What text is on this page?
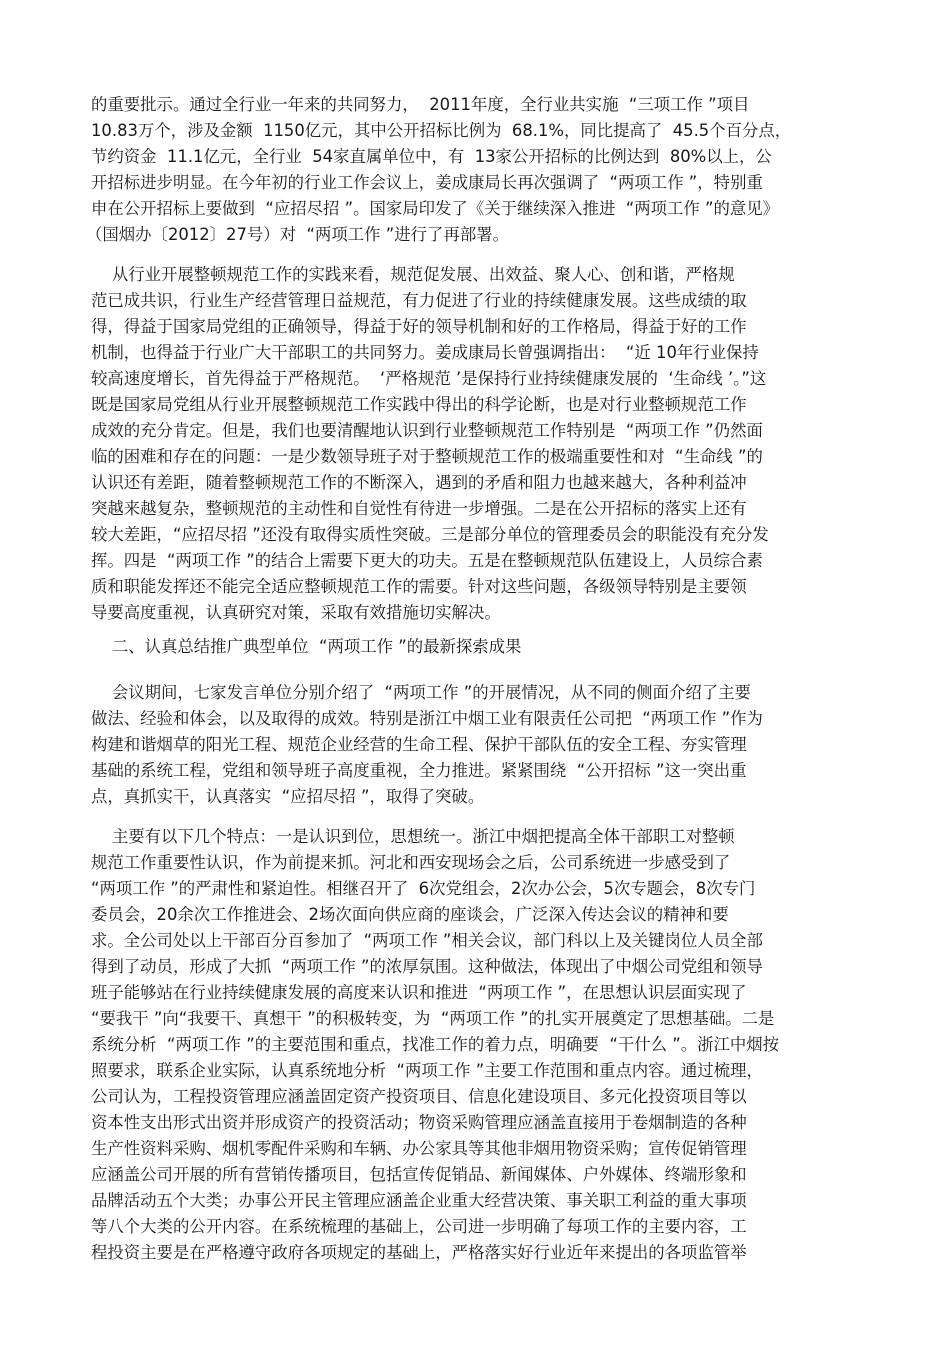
的重要批示。通过全行业一年来的共同努力，  2011年度，全行业共实施  “三项工作 ”项目
10.83万个，涉及金额  1150亿元，其中公开招标比例为  68.1%，同比提高了  45.5个百分点，
节约资金  11.1亿元，全行业  54家直属单位中，有  13家公开招标的比例达到  80%以上，公
开招标进步明显。在今年初的行业工作会议上，姜成康局长再次强调了  “两项工作 ”，特别重
申在公开招标上要做到  “应招尽招 ”。国家局印发了《关于继续深入推进  “两项工作 ”的意见》
（国烟办〔2012〕27号）对  “两项工作 ”进行了再部署。
从行业开展整顿规范工作的实践来看，规范促发展、出效益、聚人心、创和谐，严格规
范已成共识，行业生产经营管理日益规范，有力促进了行业的持续健康发展。这些成绩的取
得，得益于国家局党组的正确领导，得益于好的领导机制和好的工作格局，得益于好的工作
机制，也得益于行业广大干部职工的共同努力。姜成康局长曾强调指出：  “近 10年行业保持
较高速度增长，首先得益于严格规范。  ‘严格规范 ’是保持行业持续健康发展的  ‘生命线 ’。”这
既是国家局党组从行业开展整顿规范工作实践中得出的科学论断，也是对行业整顿规范工作
成效的充分肯定。但是，我们也要清醒地认识到行业整顿规范工作特别是  “两项工作 ”仍然面
临的困难和存在的问题：一是少数领导班子对于整顿规范工作的极端重要性和对  “生命线 ”的
认识还有差距，随着整顿规范工作的不断深入，遇到的矛盾和阻力也越来越大，各种利益冲
突越来越复杂，整顿规范的主动性和自觉性有待进一步增强。二是在公开招标的落实上还有
较大差距，“应招尽招 ”还没有取得实质性突破。三是部分单位的管理委员会的职能没有充分发
挥。四是  “两项工作 ”的结合上需要下更大的功夫。五是在整顿规范队伍建设上，人员综合素
质和职能发挥还不能完全适应整顿规范工作的需要。针对这些问题，各级领导特别是主要领
导要高度重视，认真研究对策，采取有效措施切实解决。
二、认真总结推广典型单位  “两项工作 ”的最新探索成果
会议期间，七家发言单位分别介绍了  “两项工作 ”的开展情况，从不同的侧面介绍了主要
做法、经验和体会，以及取得的成效。特别是浙江中烟工业有限责任公司把  “两项工作 ”作为
构建和谐烟草的阳光工程、规范企业经营的生命工程、保护干部队伍的安全工程、夯实管理
基础的系统工程，党组和领导班子高度重视，全力推进。紧紧围绕  “公开招标 ”这一突出重
点，真抓实干，认真落实  “应招尽招 ”，取得了突破。
主要有以下几个特点：一是认识到位，思想统一。浙江中烟把提高全体干部职工对整顿
规范工作重要性认识，作为前提来抓。河北和西安现场会之后，公司系统进一步感受到了
“两项工作 ”的严肃性和紧迫性。相继召开了  6次党组会，2次办公会，5次专题会，8次专门
委员会，20余次工作推进会、2场次面向供应商的座谈会，广泛深入传达会议的精神和要
求。全公司处以上干部百分百参加了  “两项工作 ”相关会议，部门科以上及关键岗位人员全部
得到了动员，形成了大抓  “两项工作 ”的浓厚氛围。这种做法，体现出了中烟公司党组和领导
班子能够站在行业持续健康发展的高度来认识和推进  “两项工作 ”，在思想认识层面实现了
“要我干 ”向“我要干、真想干 ”的积极转变，为  “两项工作 ”的扎实开展奠定了思想基础。二是
系统分析  “两项工作 ”的主要范围和重点，找准工作的着力点，明确要  “干什么 ”。浙江中烟按
照要求，联系企业实际，认真系统地分析  “两项工作 ”主要工作范围和重点内容。通过梳理，
公司认为，工程投资管理应涵盖固定资产投资项目、信息化建设项目、多元化投资项目等以
资本性支出形式出资并形成资产的投资活动；物资采购管理应涵盖直接用于卷烟制造的各种
生产性资料采购、烟机零配件采购和车辆、办公家具等其他非烟用物资采购；宣传促销管理
应涵盖公司开展的所有营销传播项目，包括宣传促销品、新闻媒体、户外媒体、终端形象和
品牌活动五个大类；办事公开民主管理应涵盖企业重大经营决策、事关职工利益的重大事项
等八个大类的公开内容。在系统梳理的基础上，公司进一步明确了每项工作的主要内容，工
程投资主要是在严格遵守政府各项规定的基础上，严格落实好行业近年来提出的各项监管举
